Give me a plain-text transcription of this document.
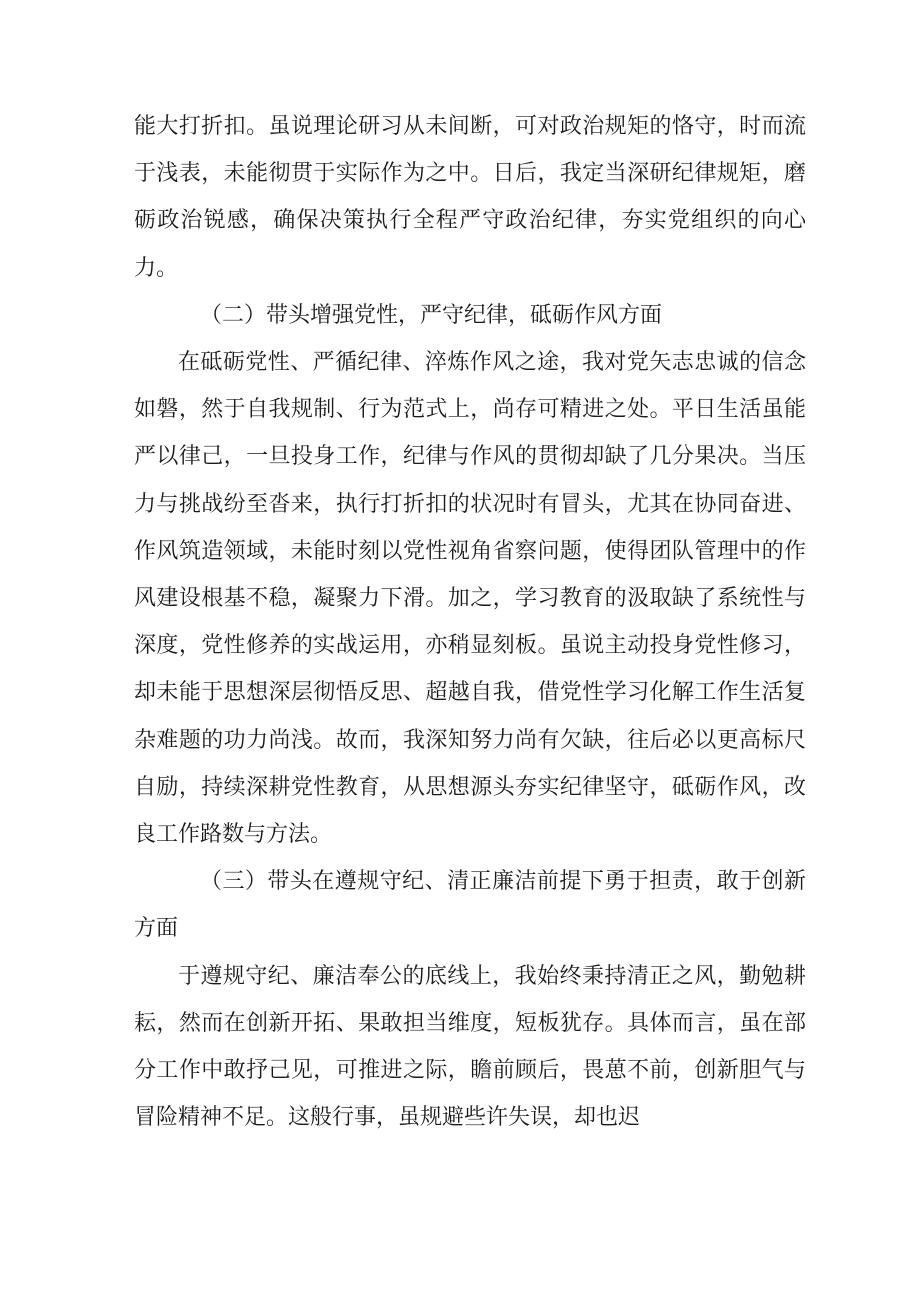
能大打折扣。虽说理论研习从未间断，可对政治规矩的恪守，时而流于浅表，未能彻贯于实际作为之中。日后，我定当深研纪律规矩，磨砺政治锐感，确保决策执行全程严守政治纪律，夯实党组织的向心力。

（二）带头增强党性，严守纪律，砥砺作风方面

在砥砺党性、严循纪律、淬炼作风之途，我对党矢志忠诚的信念如磐，然于自我规制、行为范式上，尚存可精进之处。平日生活虽能严以律己，一旦投身工作，纪律与作风的贯彻却缺了几分果决。当压力与挑战纷至沓来，执行打折扣的状况时有冒头，尤其在协同奋进、作风筑造领域，未能时刻以党性视角省察问题，使得团队管理中的作风建设根基不稳，凝聚力下滑。加之，学习教育的汲取缺了系统性与深度，党性修养的实战运用，亦稍显刻板。虽说主动投身党性修习，却未能于思想深层彻悟反思、超越自我，借党性学习化解工作生活复杂难题的功力尚浅。故而，我深知努力尚有欠缺，往后必以更高标尺自励，持续深耕党性教育，从思想源头夯实纪律坚守，砥砺作风，改良工作路数与方法。

（三）带头在遵规守纪、清正廉洁前提下勇于担责，敢于创新方面

于遵规守纪、廉洁奉公的底线上，我始终秉持清正之风，勤勉耕耘，然而在创新开拓、果敢担当维度，短板犹存。具体而言，虽在部分工作中敢抒己见，可推进之际，瞻前顾后，畏葸不前，创新胆气与冒险精神不足。这般行事，虽规避些许失误，却也迟
